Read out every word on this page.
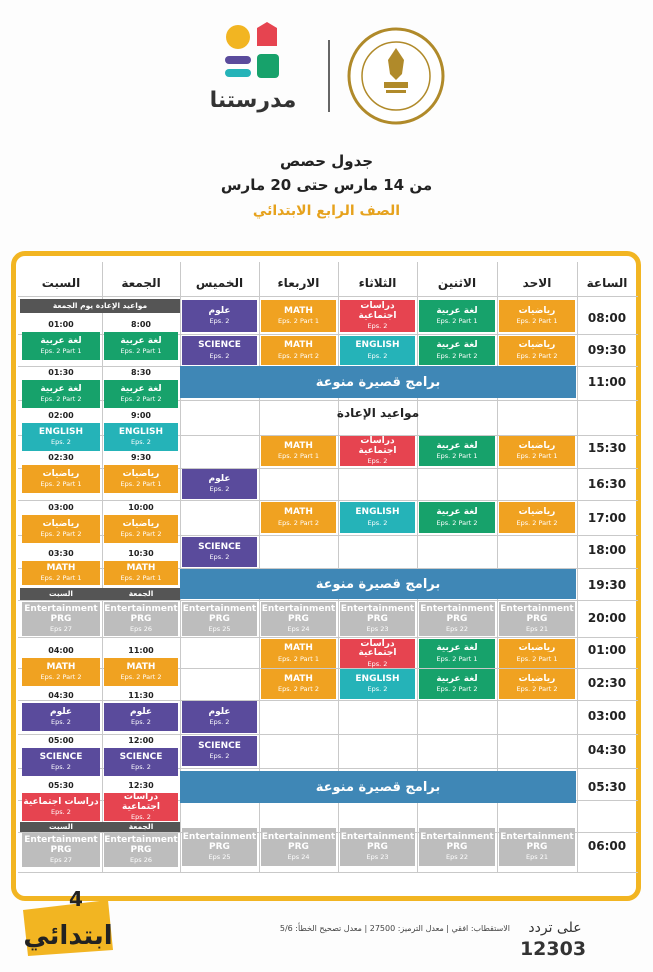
مدرستنا
جدول حصص
من 14 مارس حتى 20 مارس
الصف الرابع الابتدائي
الساعة
الاحد
الاثنين
الثلاثاء
الاربعاء
الخميس
الجمعة
السبت
08:00
09:30
11:00
15:30
16:30
17:00
18:00
19:30
20:00
01:00
02:30
03:00
04:30
05:30
06:00
رياضيات
Eps. 2 Part 1
لغة عربية
Eps. 2 Part 1
دراسات اجتماعية
Eps. 2
MATH
Eps. 2 Part 1
علوم
Eps. 2
رياضيات
Eps. 2 Part 2
لغة عربية
Eps. 2 Part 2
ENGLISH
Eps. 2
MATH
Eps. 2 Part 2
SCIENCE
Eps. 2
برامج قصيرة منوعة
مواعيد الإعادة
رياضيات
Eps. 2 Part 1
لغة عربية
Eps. 2 Part 1
دراسات اجتماعية
Eps. 2
MATH
Eps. 2 Part 1
علوم
Eps. 2
رياضيات
Eps. 2 Part 2
لغة عربية
Eps. 2 Part 2
ENGLISH
Eps. 2
MATH
Eps. 2 Part 2
SCIENCE
Eps. 2
برامج قصيرة منوعة
Entertainment PRG
Eps 21
Entertainment PRG
Eps 22
Entertainment PRG
Eps 23
Entertainment PRG
Eps 24
Entertainment PRG
Eps 25
رياضيات
Eps. 2 Part 1
لغة عربية
Eps. 2 Part 1
دراسات اجتماعية
Eps. 2
MATH
Eps. 2 Part 1
رياضيات
Eps. 2 Part 2
لغة عربية
Eps. 2 Part 2
ENGLISH
Eps. 2
MATH
Eps. 2 Part 2
علوم
Eps. 2
SCIENCE
Eps. 2
برامج قصيرة منوعة
Entertainment PRG
Eps 21
Entertainment PRG
Eps 22
Entertainment PRG
Eps 23
Entertainment PRG
Eps 24
Entertainment PRG
Eps 25
مواعيد الإعادة يوم الجمعة
8:00
01:00
لغة عربية
Eps. 2 Part 1
لغة عربية
Eps. 2 Part 1
8:30
01:30
لغة عربية
Eps. 2 Part 2
لغة عربية
Eps. 2 Part 2
9:00
02:00
ENGLISH
Eps. 2
ENGLISH
Eps. 2
9:30
02:30
رياضيات
Eps. 2 Part 1
رياضيات
Eps. 2 Part 1
10:00
03:00
رياضيات
Eps. 2 Part 2
رياضيات
Eps. 2 Part 2
10:30
03:30
MATH
Eps. 2 Part 1
MATH
Eps. 2 Part 1
الجمعة
السبت
Entertainment PRG
Eps 26
Entertainment PRG
Eps 27
11:00
04:00
MATH
Eps. 2 Part 2
MATH
Eps. 2 Part 2
11:30
04:30
علوم
Eps. 2
علوم
Eps. 2
12:00
05:00
SCIENCE
Eps. 2
SCIENCE
Eps. 2
12:30
05:30
دراسات اجتماعية
Eps. 2
دراسات اجتماعية
Eps. 2
الجمعة
السبت
Entertainment PRG
Eps 26
Entertainment PRG
Eps 27
ابتدائي
4
الاستقطاب: افقي | معدل الترميز: 27500 | معدل تصحيح الخطأ: 5/6	على تردد
12303
